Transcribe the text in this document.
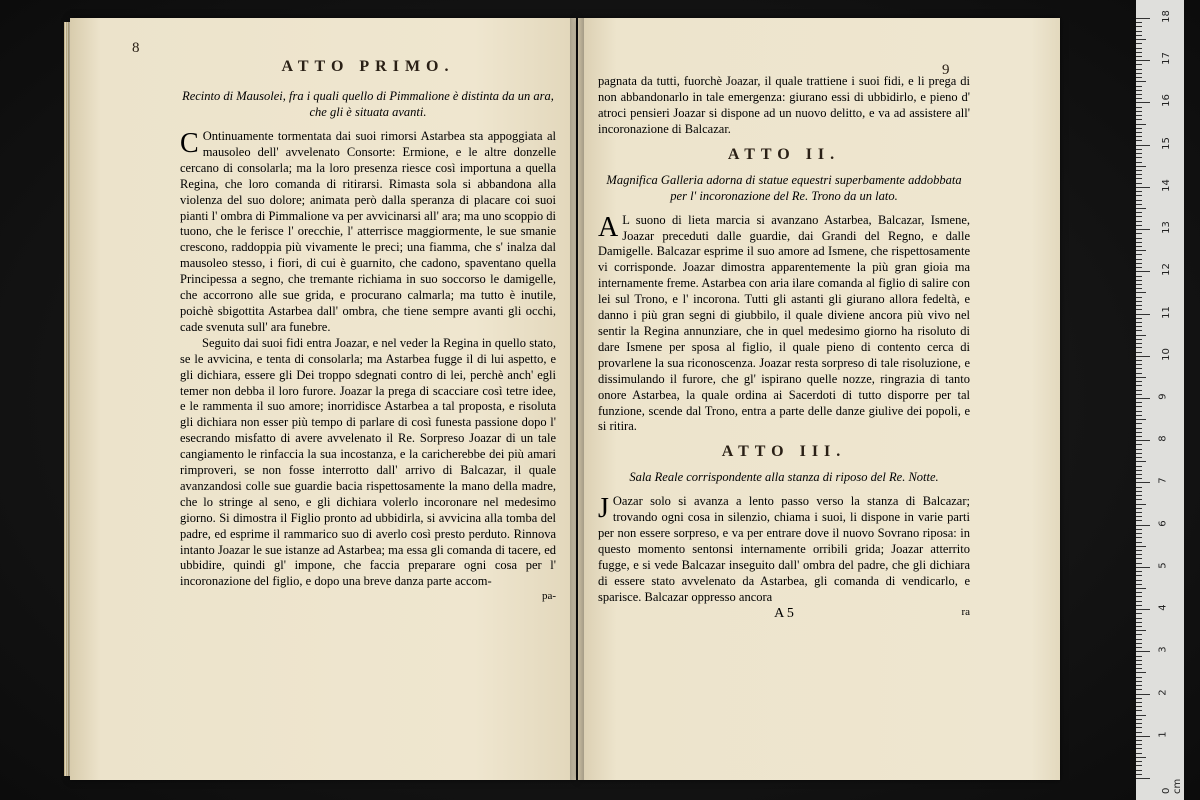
8
9

ATTO PRIMO.

Recinto di Mausolei, fra i quali quello di Pimmalione è distinta da un ara, che gli è situata avanti.

C Ontinuamente tormentata dai suoi rimorsi Astarbea sta appoggiata al mausoleo dell' avvelenato Consorte: Ermione, e le altre donzelle cercano di consolarla; ma la loro presenza riesce così importuna a quella Regina, che loro comanda di ritirarsi. Rimasta sola si abbandona alla violenza del suo dolore; animata però dalla speranza di placare coi suoi pianti l' ombra di Pimmalione va per avvicinarsi all' ara; ma uno scoppio di tuono, che le ferisce l' orecchie, l' atterrisce maggiormente, le sue smanie crescono, raddoppia più vivamente le preci; una fiamma, che s' inalza dal mausoleo stesso, i fiori, di cui è guarnito, che cadono, spaventano quella Principessa a segno, che tremante richiama in suo soccorso le damigelle, che accorrono alle sue grida, e procurano calmarla; ma tutto è inutile, poichè sbigottita Astarbea dall' ombra, che tiene sempre avanti gli occhi, cade svenuta sull' ara funebre.

Seguito dai suoi fidi entra Joazar, e nel veder la Regina in quello stato, se le avvicina, e tenta di consolarla; ma Astarbea fugge il di lui aspetto, e gli dichiara, essere gli Dei troppo sdegnati contro di lei, perchè anch' egli temer non debba il loro furore. Joazar la prega di scacciare così tetre idee, e le rammenta il suo amore; inorridisce Astarbea a tal proposta, e risoluta gli dichiara non esser più tempo di parlare di così funesta passione dopo l' esecrando misfatto di avere avvelenato il Re. Sorpreso Joazar di un tale cangiamento le rinfaccia la sua incostanza, e la caricherebbe dei più amari rimproveri, se non fosse interrotto dall' arrivo di Balcazar, il quale avanzandosi colle sue guardie bacia rispettosamente la mano della madre, che lo stringe al seno, e gli dichiara volerlo incoronare nel medesimo giorno. Si dimostra il Figlio pronto ad ubbidirla, si avvicina alla tomba del padre, ed esprime il rammarico suo di averlo così presto perduto. Rinnova intanto Joazar le sue istanze ad Astarbea; ma essa gli comanda di tacere, ed ubbidire, quindi gl' impone, che faccia preparare ogni cosa per l' incoronazione del figlio, e dopo una breve danza parte accom-

pa-

pagnata da tutti, fuorchè Joazar, il quale trattiene i suoi fidi, e li prega di non abbandonarlo in tale emergenza: giurano essi di ubbidirlo, e pieno d' atroci pensieri Joazar si dispone ad un nuovo delitto, e va ad assistere all' incoronazione di Balcazar.

ATTO II.

Magnifica Galleria adorna di statue equestri superbamente addobbata per l' incoronazione del Re. Trono da un lato.

A L suono di lieta marcia si avanzano Astarbea, Balcazar, Ismene, Joazar preceduti dalle guardie, dai Grandi del Regno, e dalle Damigelle. Balcazar esprime il suo amore ad Ismene, che rispettosamente vi corrisponde. Joazar dimostra apparentemente la più gran gioia ma internamente freme. Astarbea con aria ilare comanda al figlio di salire con lei sul Trono, e l' incorona. Tutti gli astanti gli giurano allora fedeltà, e danno i più gran segni di giubbilo, il quale diviene ancora più vivo nel sentir la Regina annunziare, che in quel medesimo giorno ha risoluto di dare Ismene per sposa al figlio, il quale pieno di contento cerca di provarlene la sua riconoscenza. Joazar resta sorpreso di tale risoluzione, e dissimulando il furore, che gl' ispirano quelle nozze, ringrazia di tanto onore Astarbea, la quale ordina ai Sacerdoti di tutto disporre per tal funzione, scende dal Trono, entra a parte delle danze giulive dei popoli, e si ritira.

ATTO III.

Sala Reale corrispondente alla stanza di riposo del Re. Notte.

J Oazar solo si avanza a lento passo verso la stanza di Balcazar; trovando ogni cosa in silenzio, chiama i suoi, li dispone in varie parti per non essere sorpreso, e va per entrare dove il nuovo Sovrano riposa: in questo momento sentonsi internamente orribili grida; Joazar atterrito fugge, e si vede Balcazar inseguito dall' ombra del padre, che gli dichiara di essere stato avvelenato da Astarbea, gli comanda di vendicarlo, e sparisce. Balcazar oppresso ancora

A 5	ra

0 cm
1
2
3
4
5
6
7
8
9
10
11
12
13
14
15
16
17
18
